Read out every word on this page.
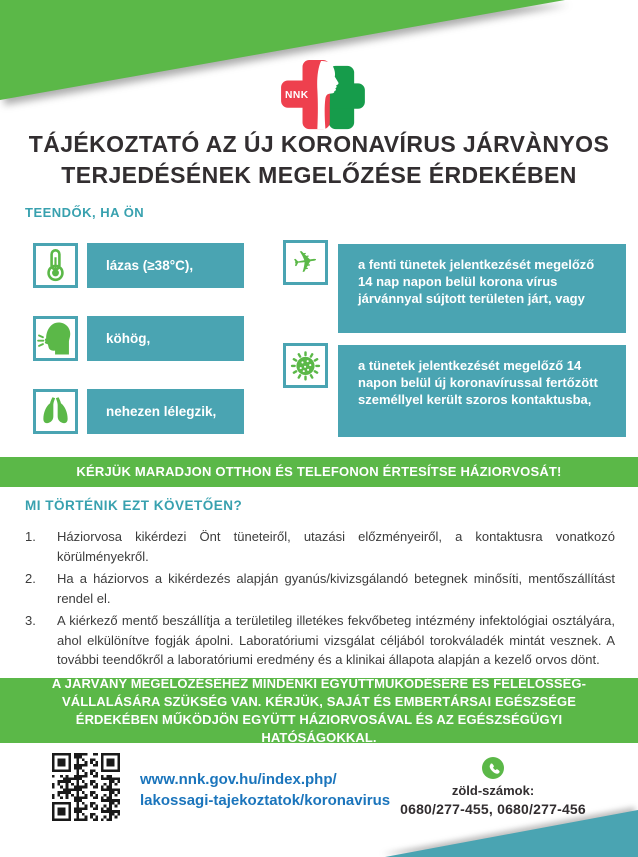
NNK
TÁJÉKOZTATÓ AZ ÚJ KORONAVÍRUS JÁRVÀNYOS
TERJEDÉSÉNEK MEGELŐZÉSE ÉRDEKÉBEN
TEENDŐK, HA ÖN
lázas (≥38°C),
köhög,
nehezen lélegzik,
✈	a fenti tünetek jelentkezését megelőző 14 nap napon belül korona vírus járvánnyal sújtott területen járt, vagy
a tünetek jelentkezését megelőző 14 napon belül új koronavírussal fertőzött személlyel került szoros kontaktusba,
KÉRJÜK MARADJON OTTHON ÉS TELEFONON ÉRTESÍTSE HÁZIORVOSÁT!
MI TÖRTÉNIK EZT KÖVETŐEN?
1.	Háziorvosa kikérdezi Önt tüneteiről, utazási előzményeiről, a kontaktusra vonatkozó körülményekről.
2.	Ha a háziorvos a kikérdezés alapján gyanús/kivizsgálandó betegnek minősíti, mentőszállítást rendel el.
3.	A kiérkező mentő beszállítja a területileg illetékes fekvőbeteg intézmény infektológiai osztályára, ahol elkülönítve fogják ápolni. Laboratóriumi vizsgálat céljából torokváladék mintát vesznek. A további teendőkről a laboratóriumi eredmény és a klinikai állapota alapján a kezelő orvos dönt.
A JÁRVÁNY MEGELŐZÉSÉHEZ MINDENKI EGYÜTTMŰKÖDÉSÉRE ÉS FELELŐSSÉG-VÁLLALÁSÁRA SZÜKSÉG VAN. KÉRJÜK, SAJÁT ÉS EMBERTÁRSAI EGÉSZSÉGE ÉRDEKÉBEN MŰKÖDJÖN EGYÜTT HÁZIORVOSÁVAL ÉS AZ EGÉSZSÉGÜGYI HATÓSÁGOKKAL.
www.nnk.gov.hu/index.php/
lakossagi-tajekoztatok/koronavirus
zöld-számok:
0680/277-455, 0680/277-456
